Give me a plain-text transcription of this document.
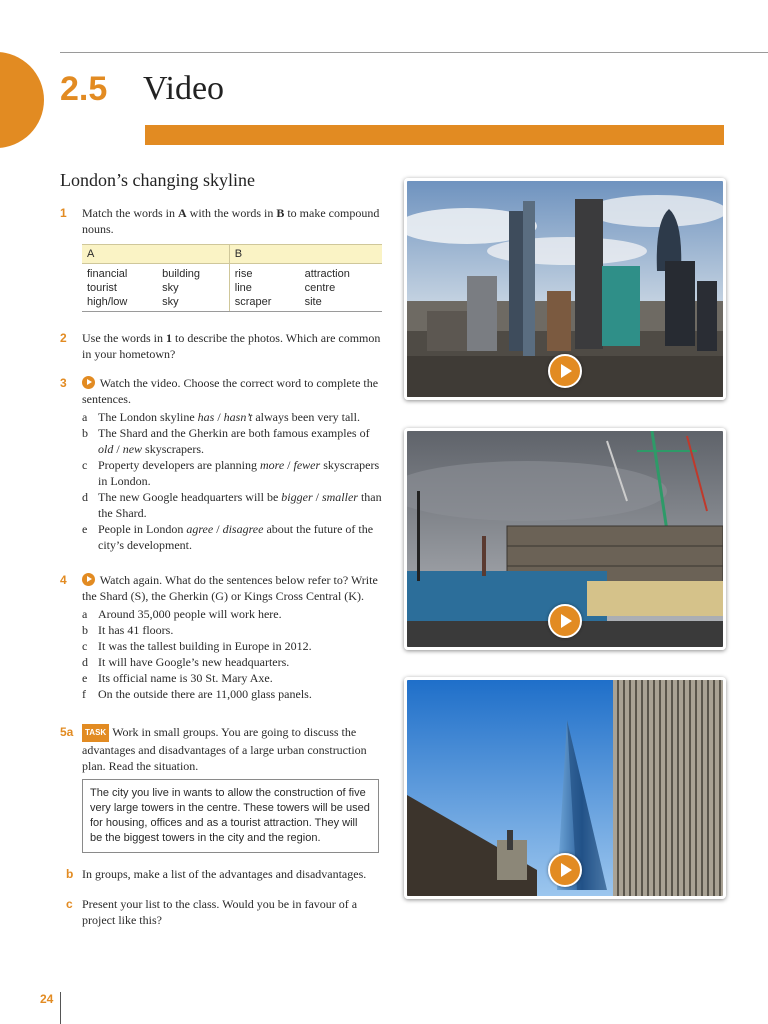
2.5 Video
London’s changing skyline
1 Match the words in A with the words in B to make compound nouns.
A		B	
financial	building	rise	attraction
tourist	sky	line	centre
high/low	sky	scraper	site
2 Use the words in 1 to describe the photos. Which are common in your hometown?
3	Watch the video. Choose the correct word to complete the sentences.
a The London skyline has / hasn’t always been very tall.
b The Shard and the Gherkin are both famous examples of old / new skyscrapers.
c Property developers are planning more / fewer skyscrapers in London.
d The new Google headquarters will be bigger / smaller than the Shard.
e People in London agree / disagree about the future of the city’s development.
4	Watch again. What do the sentences below refer to? Write the Shard (S), the Gherkin (G) or Kings Cross Central (K).
a Around 35,000 people will work here.
b It has 41 floors.
c It was the tallest building in Europe in 2012.
d It will have Google’s new headquarters.
e Its official name is 30 St. Mary Axe.
f On the outside there are 11,000 glass panels.
5a	TASK Work in small groups. You are going to discuss the advantages and disadvantages of a large urban construction plan. Read the situation.
The city you live in wants to allow the construction of five very large towers in the centre. These towers will be used for housing, offices and as a tourist attraction. They will be the biggest towers in the city and the region.
b In groups, make a list of the advantages and disadvantages.
c Present your list to the class. Would you be in favour of a project like this?
24
